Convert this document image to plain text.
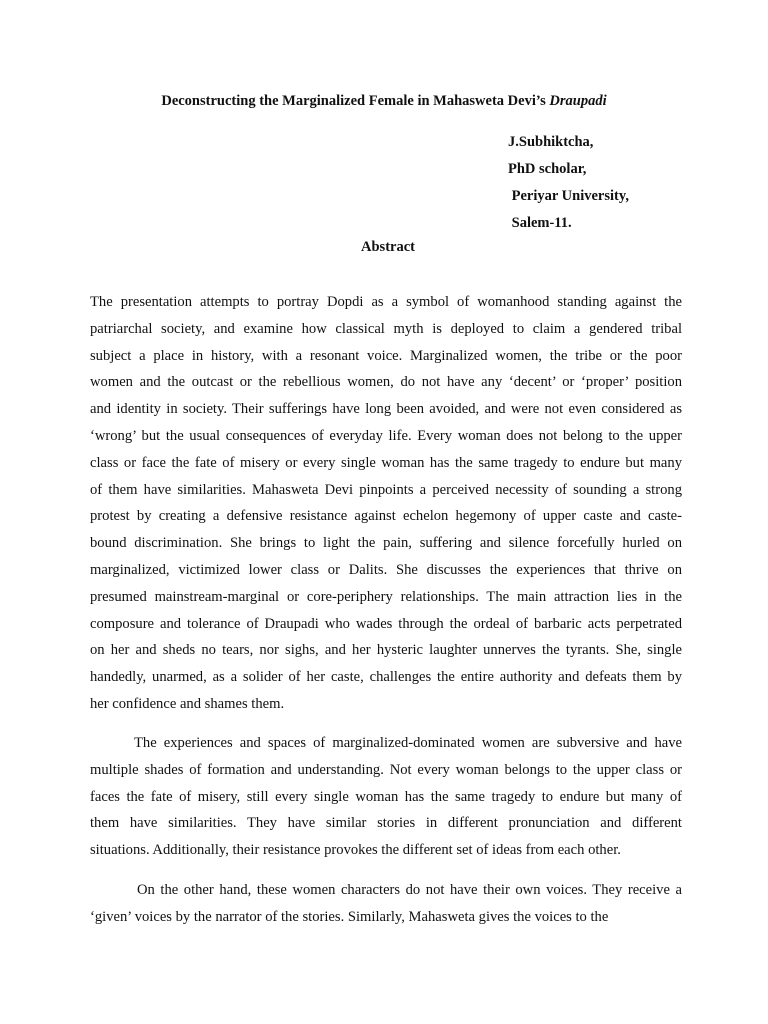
Deconstructing the Marginalized Female in Mahasweta Devi’s Draupadi
J.Subhiktcha,
PhD scholar,
Periyar University,
Salem-11.
Abstract
The presentation attempts to portray Dopdi as a symbol of womanhood standing against the
patriarchal society, and examine how classical myth is deployed to claim a gendered tribal
subject a place in history, with a resonant voice. Marginalized women, the tribe or the poor
women and the outcast or the rebellious women, do not have any ‘decent’ or ‘proper’ position
and identity in society. Their sufferings have long been avoided, and were not even considered as
‘wrong’ but the usual consequences of everyday life. Every woman does not belong to the upper
class or face the fate of misery or every single woman has the same tragedy to endure but many
of them have similarities. Mahasweta Devi pinpoints a perceived necessity of sounding a strong
protest by creating a defensive resistance against echelon hegemony of upper caste and caste-
bound discrimination. She brings to light the pain, suffering and silence forcefully hurled on
marginalized, victimized lower class or Dalits. She discusses the experiences that thrive on
presumed mainstream-marginal or core-periphery relationships. The main attraction lies in the
composure and tolerance of Draupadi who wades through the ordeal of barbaric acts perpetrated
on her and sheds no tears, nor sighs, and her hysteric laughter unnerves the tyrants. She, single
handedly, unarmed, as a solider of her caste, challenges the entire authority and defeats them by
her confidence and shames them.
The experiences and spaces of marginalized-dominated women are subversive and have
multiple shades of formation and understanding. Not every woman belongs to the upper class or
faces the fate of misery, still every single woman has the same tragedy to endure but many of
them have similarities. They have similar stories in different pronunciation and different
situations. Additionally, their resistance provokes the different set of ideas from each other.
On the other hand, these women characters do not have their own voices. They receive a
‘given’ voices by the narrator of the stories. Similarly, Mahasweta gives the voices to the
